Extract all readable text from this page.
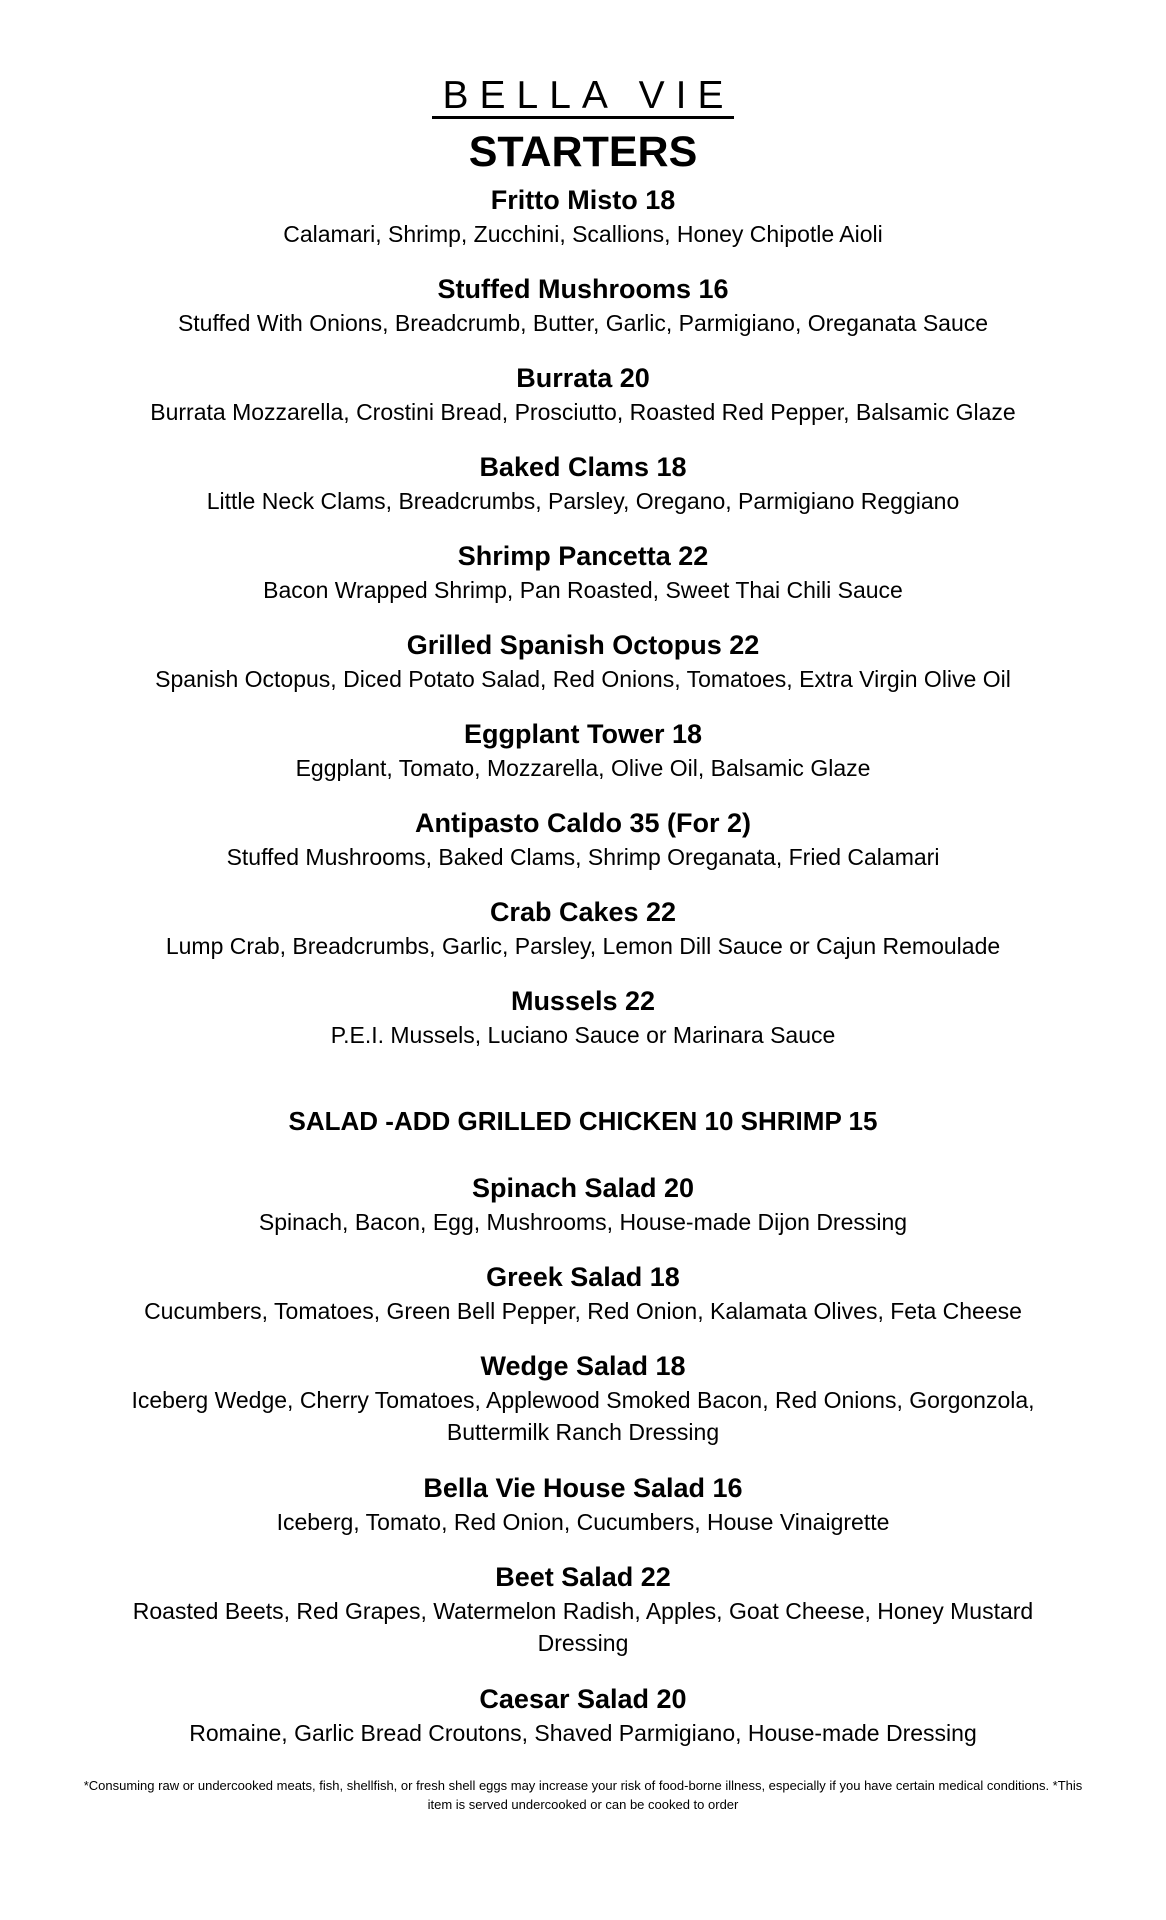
BELLA VIE
STARTERS
Fritto Misto 18
Calamari, Shrimp, Zucchini, Scallions, Honey Chipotle Aioli
Stuffed Mushrooms 16
Stuffed With Onions, Breadcrumb, Butter, Garlic, Parmigiano, Oreganata Sauce
Burrata 20
Burrata Mozzarella, Crostini Bread, Prosciutto, Roasted Red Pepper, Balsamic Glaze
Baked Clams 18
Little Neck Clams, Breadcrumbs, Parsley, Oregano, Parmigiano Reggiano
Shrimp Pancetta 22
Bacon Wrapped Shrimp, Pan Roasted, Sweet Thai Chili Sauce
Grilled Spanish Octopus 22
Spanish Octopus, Diced Potato Salad, Red Onions, Tomatoes, Extra Virgin Olive Oil
Eggplant Tower 18
Eggplant, Tomato, Mozzarella, Olive Oil, Balsamic Glaze
Antipasto Caldo 35 (For 2)
Stuffed Mushrooms, Baked Clams, Shrimp Oreganata, Fried Calamari
Crab Cakes 22
Lump Crab, Breadcrumbs, Garlic, Parsley, Lemon Dill Sauce or Cajun Remoulade
Mussels 22
P.E.I. Mussels, Luciano Sauce or Marinara Sauce
SALAD -ADD GRILLED CHICKEN 10 SHRIMP 15
Spinach Salad 20
Spinach, Bacon, Egg, Mushrooms, House-made Dijon Dressing
Greek Salad 18
Cucumbers, Tomatoes, Green Bell Pepper, Red Onion, Kalamata Olives, Feta Cheese
Wedge Salad 18
Iceberg Wedge, Cherry Tomatoes, Applewood Smoked Bacon, Red Onions, Gorgonzola, Buttermilk Ranch Dressing
Bella Vie House Salad 16
Iceberg, Tomato, Red Onion, Cucumbers, House Vinaigrette
Beet Salad 22
Roasted Beets, Red Grapes, Watermelon Radish, Apples, Goat Cheese, Honey Mustard Dressing
Caesar Salad 20
Romaine, Garlic Bread Croutons, Shaved Parmigiano, House-made Dressing

*Consuming raw or undercooked meats, fish, shellfish, or fresh shell eggs may increase your risk of food-borne illness, especially if you have certain medical conditions. *This item is served undercooked or can be cooked to order
